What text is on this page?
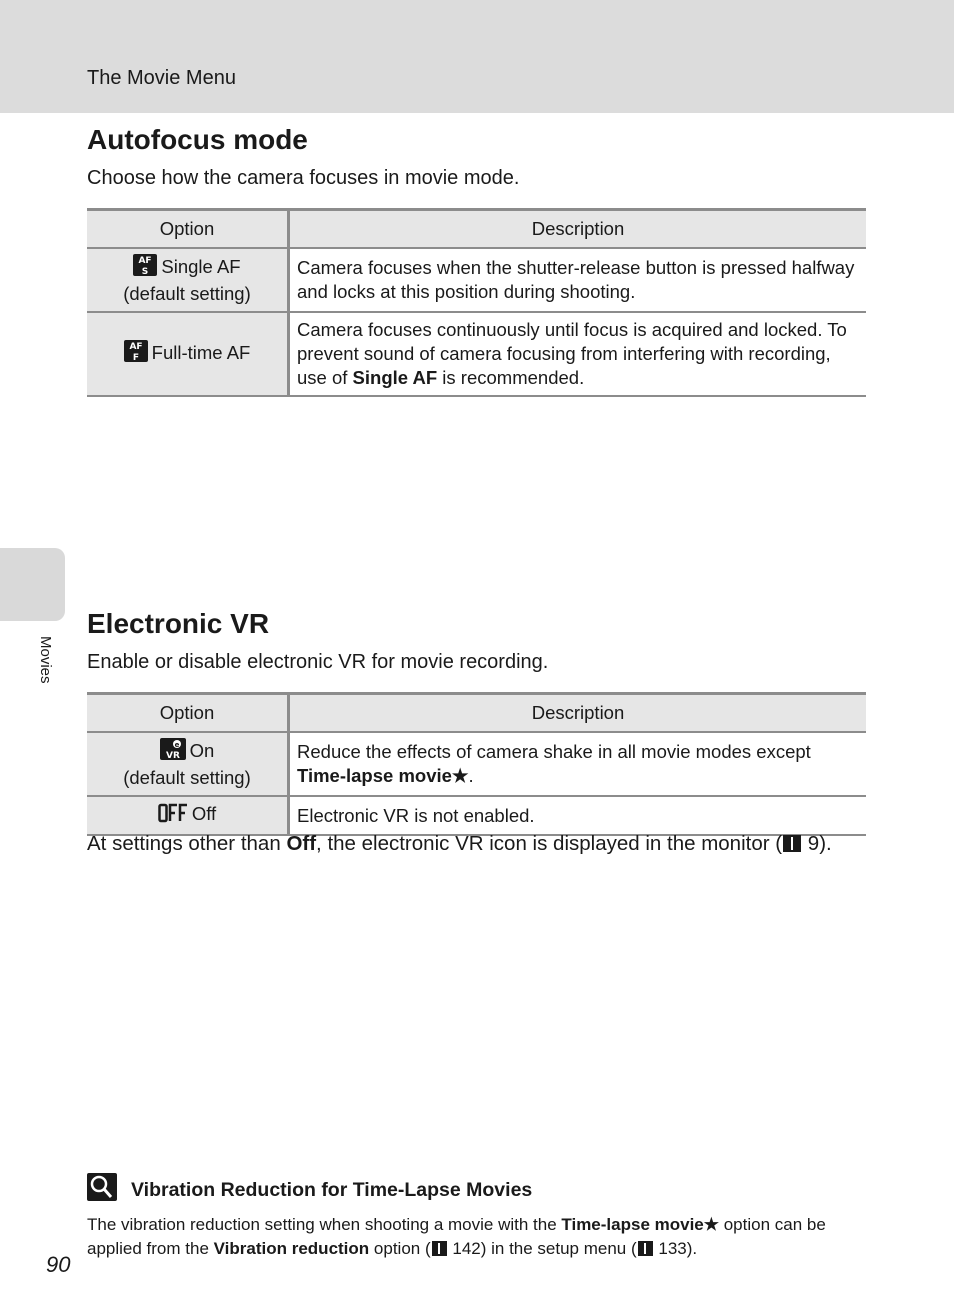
The Movie Menu
Movies
Autofocus mode

Choose how the camera focuses in movie mode.

Option	Description

AF
S Single AF
(default setting)	Camera focuses when the shutter-release button is pressed halfway and locks at this position during shooting.

AF
F Full-time AF	Camera focuses continuously until focus is acquired and locked. To prevent sound of camera focusing from interfering with recording, use of Single AF is recommended.
Electronic VR

Enable or disable electronic VR for movie recording.

Option	Description

e
VR On
(default setting)	Reduce the effects of camera shake in all movie modes except Time-lapse movie★.
Off	Electronic VR is not enabled.
At settings other than Off, the electronic VR icon is displayed in the monitor ( 9).
Vibration Reduction for Time-Lapse Movies

The vibration reduction setting when shooting a movie with the Time-lapse movie★ option can be applied from the Vibration reduction option ( 142) in the setup menu ( 133).

90
